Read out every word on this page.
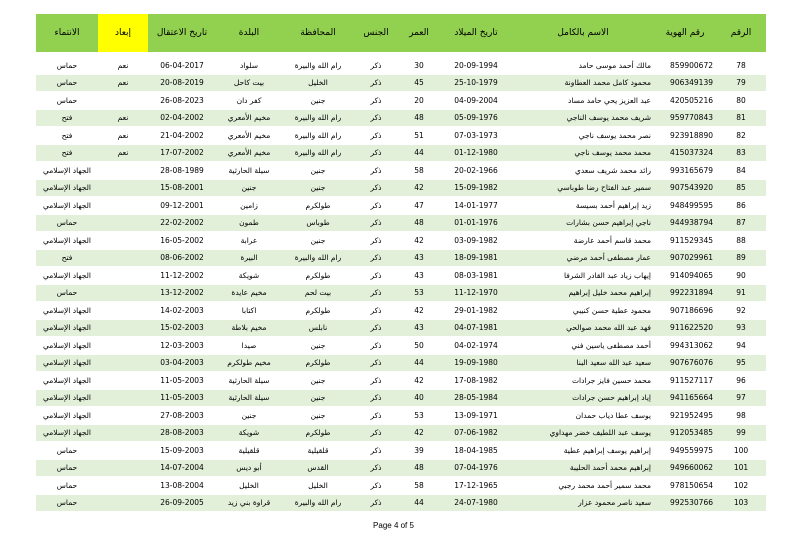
الرقم	رقم الهوية	الاسم بالكامل	تاريخ الميلاد	العمر	الجنس	المحافظة	البلدة	تاريخ الاعتقال	إبعاد	الانتماء

78	859900672	مالك أحمد موسى حامد	20-09-1994	30	ذكر	رام الله والبيرة	سلواد	06-04-2017	نعم	حماس
79	906349139	محمود كامل محمد العطاونة	25-10-1979	45	ذكر	الخليل	بيت كاحل	20-08-2019	نعم	حماس
80	420505216	عبد العزيز يحي حامد مساد	04-09-2004	20	ذكر	جنين	كفر دان	26-08-2023		حماس
81	959770843	شريف محمد يوسف الناجي	05-09-1976	48	ذكر	رام الله والبيرة	مخيم الأمعري	02-04-2002	نعم	فتح
82	923918890	نصر محمد يوسف ناجي	07-03-1973	51	ذكر	رام الله والبيرة	مخيم الأمعري	21-04-2002	نعم	فتح
83	415037324	محمد محمد يوسف ناجي	01-12-1980	44	ذكر	رام الله والبيرة	مخيم الأمعري	17-07-2002	نعم	فتح
84	993165679	رائد محمد شريف سعدي	20-02-1966	58	ذكر	جنين	سيلة الحارثية	28-08-1989		الجهاد الإسلامي
85	907543920	سمير عبد الفتاح رضا طوباسي	15-09-1982	42	ذكر	جنين	جنين	15-08-2001		الجهاد الإسلامي
86	948499595	زيد إبراهيم أحمد بسيسة	14-01-1977	47	ذكر	طولكرم	زامين	09-12-2001		الجهاد الإسلامي
87	944938794	ناجي إبراهيم حسن بشارات	01-01-1976	48	ذكر	طوباس	طمون	22-02-2002		حماس
88	911529345	محمد قاسم أحمد عارضة	03-09-1982	42	ذكر	جنين	عرابة	16-05-2002		الجهاد الإسلامي
89	907029961	عمار مصطفى أحمد مرضي	18-09-1981	43	ذكر	رام الله والبيرة	البيرة	08-06-2002		فتح
90	914094065	إيهاب زياد عبد القادر الشرفا	08-03-1981	43	ذكر	طولكرم	شويكة	11-12-2002		الجهاد الإسلامي
91	992231894	إبراهيم محمد خليل إبراهيم	11-12-1970	53	ذكر	بيت لحم	مخيم عايدة	13-12-2002		حماس
92	907186696	محمود عطية حسن كنيبي	29-01-1982	42	ذكر	طولكرم	اكتابا	14-02-2003		الجهاد الإسلامي
93	911622520	فهد عبد الله محمد صوالحي	04-07-1981	43	ذكر	نابلس	مخيم بلاطة	15-02-2003		الجهاد الإسلامي
94	994313062	أحمد مصطفى ياسين فني	04-02-1974	50	ذكر	جنين	صيدا	12-03-2003		الجهاد الإسلامي
95	907676076	سعيد عبد الله سعيد البنا	19-09-1980	44	ذكر	طولكرم	مخيم طولكرم	03-04-2003		الجهاد الإسلامي
96	911527117	محمد حسين فايز جرادات	17-08-1982	42	ذكر	جنين	سيلة الحارثية	11-05-2003		الجهاد الإسلامي
97	941165664	إياد إبراهيم حسن جرادات	28-05-1984	40	ذكر	جنين	سيلة الحارثية	11-05-2003		الجهاد الإسلامي
98	921952495	يوسف عطا دياب حمدان	13-09-1971	53	ذكر	جنين	جنين	27-08-2003		الجهاد الإسلامي
99	912053485	يوسف عبد اللطيف خضر مهداوي	07-06-1982	42	ذكر	طولكرم	شويكة	28-08-2003		الجهاد الإسلامي
100	949559975	إبراهيم يوسف إبراهيم عطية	18-04-1985	39	ذكر	قلقيلية	قلقيلية	15-09-2003		حماس
101	949660062	إبراهيم محمد أحمد الحليبة	07-04-1976	48	ذكر	القدس	أبو ديس	14-07-2004		حماس
102	978150654	محمد سمير أحمد محمد رجبي	17-12-1965	58	ذكر	الخليل	الخليل	13-08-2004		حماس
103	992530766	سعيد ناصر محمود عزار	24-07-1980	44	ذكر	رام الله والبيرة	قراوة بني زيد	26-09-2005		حماس
Page 4 of 5
